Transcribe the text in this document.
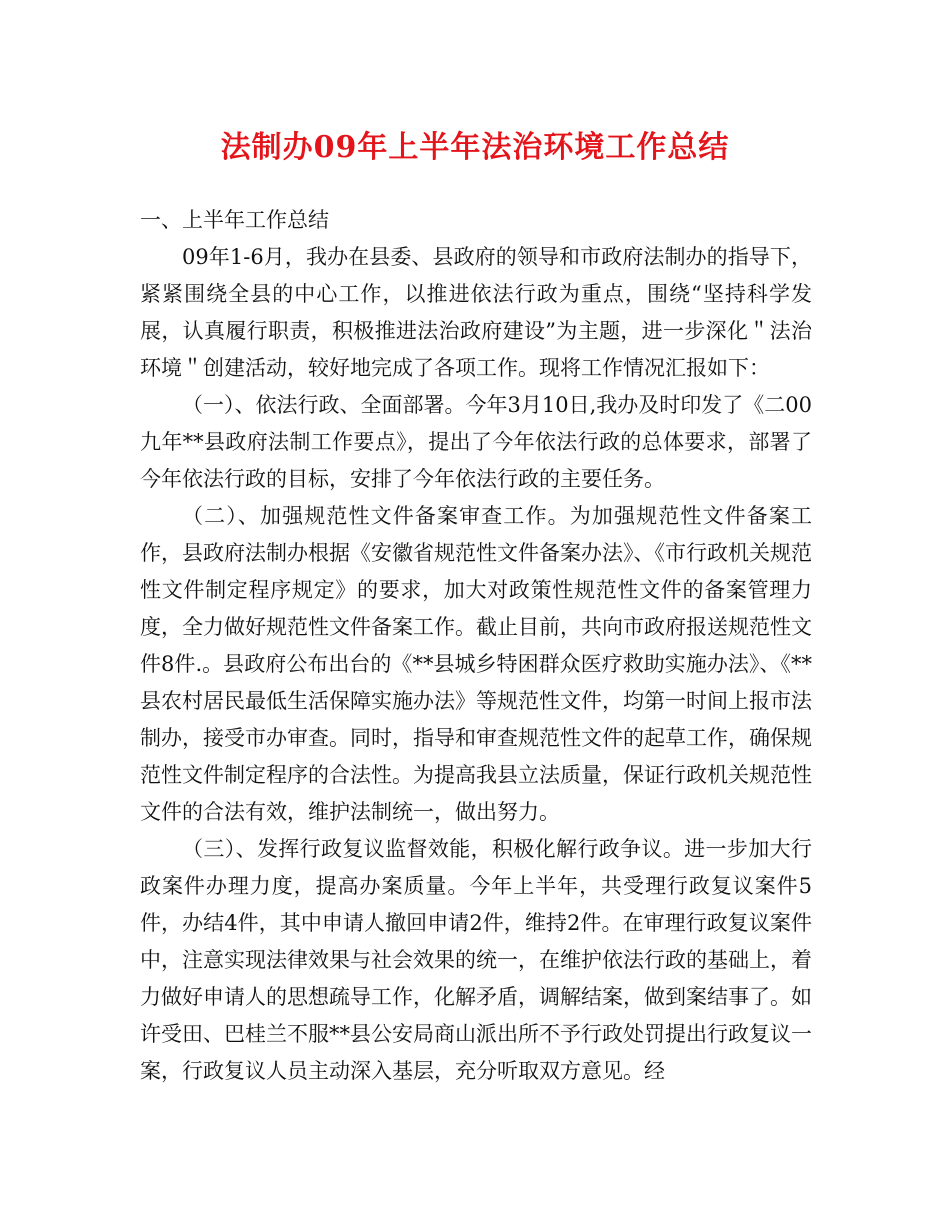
法制办09年上半年法治环境工作总结

一、上半年工作总结

09年1-6月，我办在县委、县政府的领导和市政府法制办的指导下，紧紧围绕全县的中心工作，以推进依法行政为重点，围绕“坚持科学发展，认真履行职责，积极推进法治政府建设”为主题，进一步深化＂法治环境＂创建活动，较好地完成了各项工作。现将工作情况汇报如下：

（一）、依法行政、全面部署。今年3月10日,我办及时印发了《二00九年**县政府法制工作要点》，提出了今年依法行政的总体要求，部署了今年依法行政的目标，安排了今年依法行政的主要任务。

（二）、加强规范性文件备案审查工作。为加强规范性文件备案工作，县政府法制办根据《安徽省规范性文件备案办法》、《市行政机关规范性文件制定程序规定》的要求，加大对政策性规范性文件的备案管理力度，全力做好规范性文件备案工作。截止目前，共向市政府报送规范性文件8件.。县政府公布出台的《**县城乡特困群众医疗救助实施办法》、《**县农村居民最低生活保障实施办法》等规范性文件，均第一时间上报市法制办，接受市办审查。同时，指导和审查规范性文件的起草工作，确保规范性文件制定程序的合法性。为提高我县立法质量，保证行政机关规范性文件的合法有效，维护法制统一，做出努力。

（三）、发挥行政复议监督效能，积极化解行政争议。进一步加大行政案件办理力度，提高办案质量。今年上半年，共受理行政复议案件5件，办结4件，其中申请人撤回申请2件，维持2件。在审理行政复议案件中，注意实现法律效果与社会效果的统一，在维护依法行政的基础上，着力做好申请人的思想疏导工作，化解矛盾，调解结案，做到案结事了。如许受田、巴桂兰不服**县公安局商山派出所不予行政处罚提出行政复议一案，行政复议人员主动深入基层，充分听取双方意见。经
